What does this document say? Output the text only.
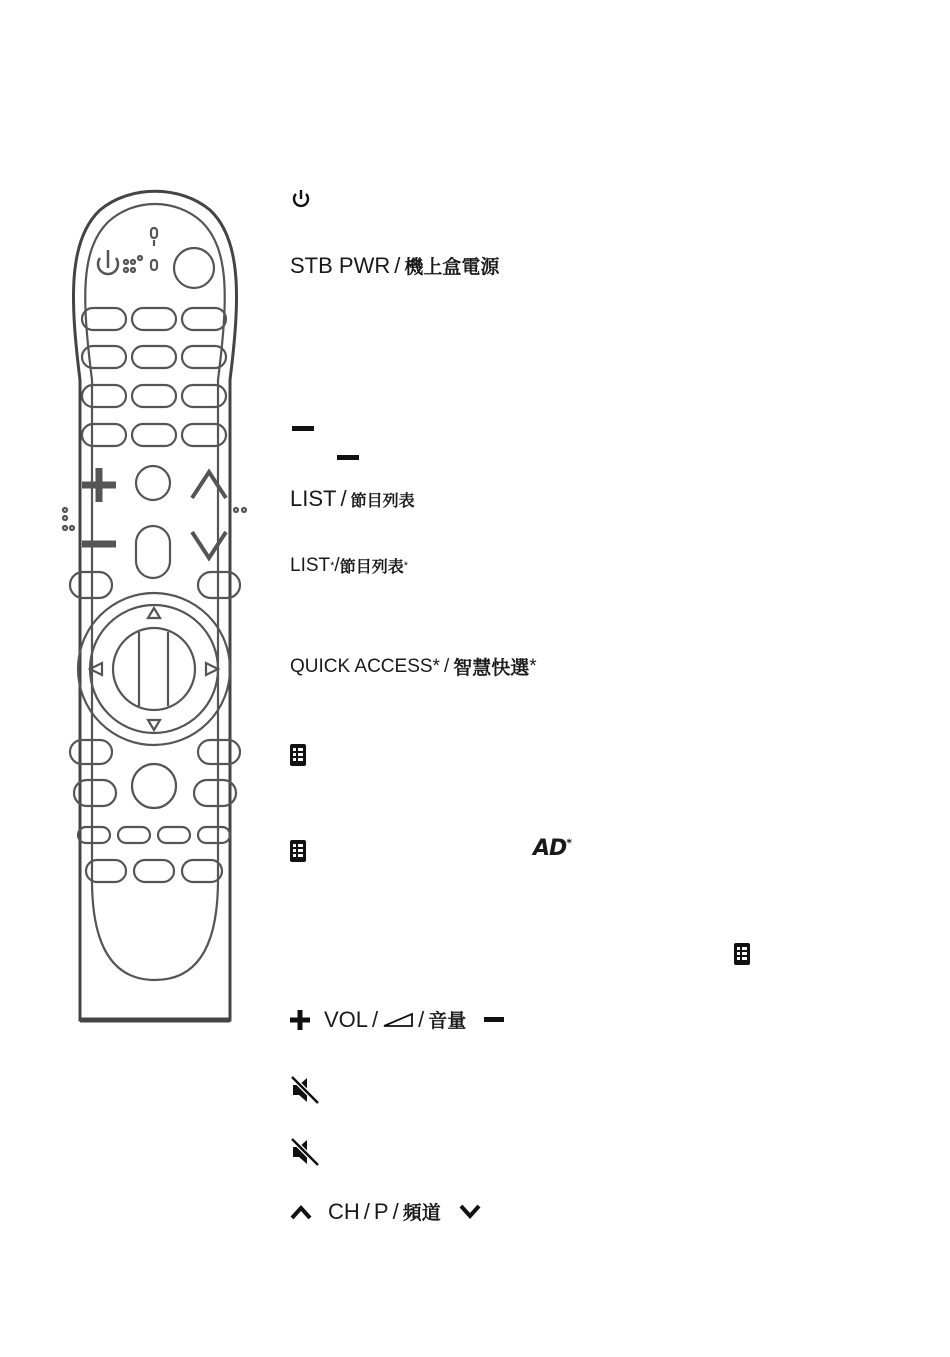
STB PWR / 機上盒電源
LIST / 節目列表
LIST * / 節目列表 *
QUICK ACCESS * / 智慧快選 *
AD*
VOL / / 音量
CH / P / 頻道
